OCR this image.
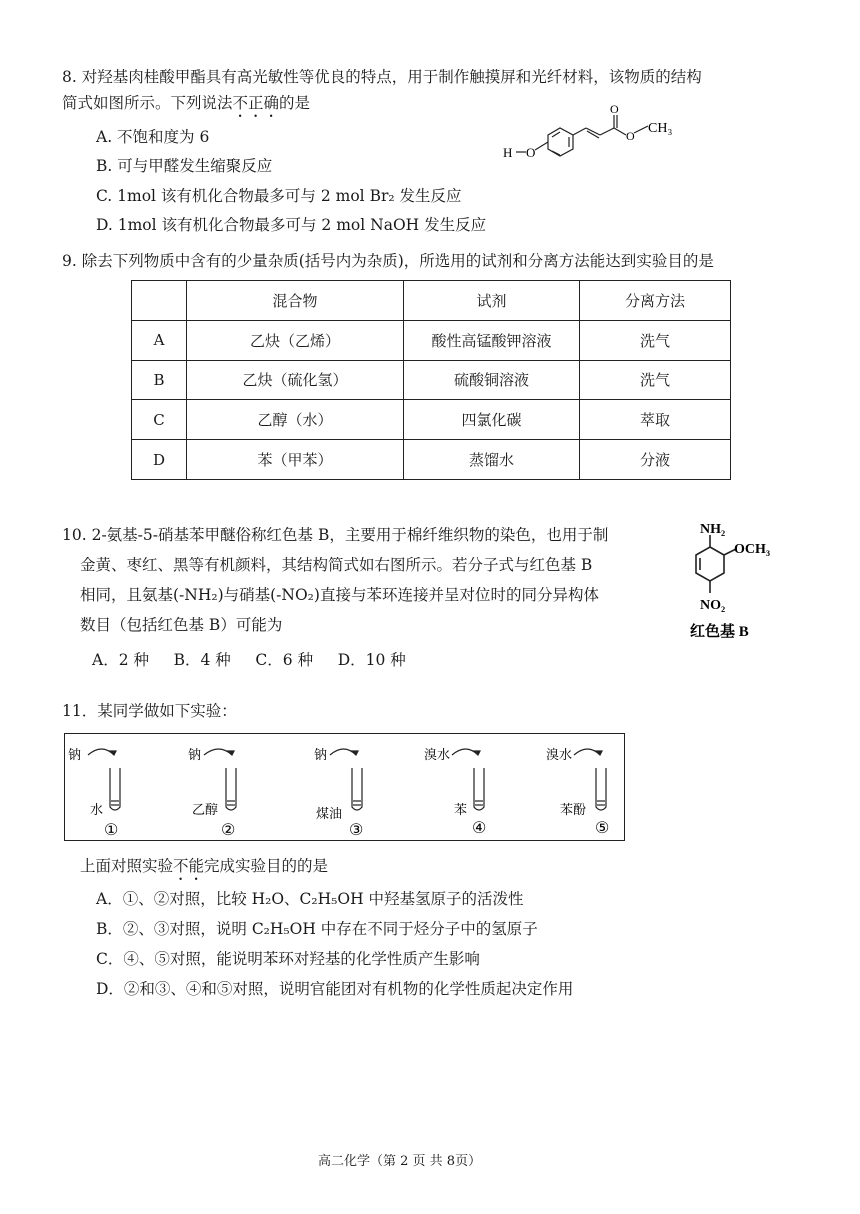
8. 对羟基肉桂酸甲酯具有高光敏性等优良的特点，用于制作触摸屏和光纤材料，该物质的结构
简式如图所示。下列说法不正确的是
A. 不饱和度为 6
B. 可与甲醛发生缩聚反应
C. 1mol 该有机化合物最多可与 2 mol Br₂ 发生反应
D. 1mol 该有机化合物最多可与 2 mol NaOH 发生反应
H O
O
O CH₃
9. 除去下列物质中含有的少量杂质(括号内为杂质)，所选用的试剂和分离方法能达到实验目的是
	混合物	试剂	分离方法
A	乙炔（乙烯）	酸性高锰酸钾溶液	洗气
B	乙炔（硫化氢）	硫酸铜溶液	洗气
C	乙醇（水）	四氯化碳	萃取
D	苯（甲苯）	蒸馏水	分液
10. 2-氨基-5-硝基苯甲醚俗称红色基 B，主要用于棉纤维织物的染色，也用于制
金黄、枣红、黑等有机颜料，其结构简式如右图所示。若分子式与红色基 B
相同，且氨基(-NH₂)与硝基(-NO₂)直接与苯环连接并呈对位时的同分异构体
数目（包括红色基 B）可能为
A．2 种     B．4 种     C．6 种     D．10 种
NH₂
OCH₃
NO₂
红色基 B
11．某同学做如下实验：
钠
水
①
钠
乙醇
②
钠
煤油
③
溴水
苯
④
溴水
苯酚
⑤
上面对照实验不能完成实验目的的是
A．①、②对照，比较 H₂O、C₂H₅OH 中羟基氢原子的活泼性
B．②、③对照，说明 C₂H₅OH 中存在不同于烃分子中的氢原子
C．④、⑤对照，能说明苯环对羟基的化学性质产生影响
D．②和③、④和⑤对照，说明官能团对有机物的化学性质起决定作用
高二化学（第 2 页 共 8页）
